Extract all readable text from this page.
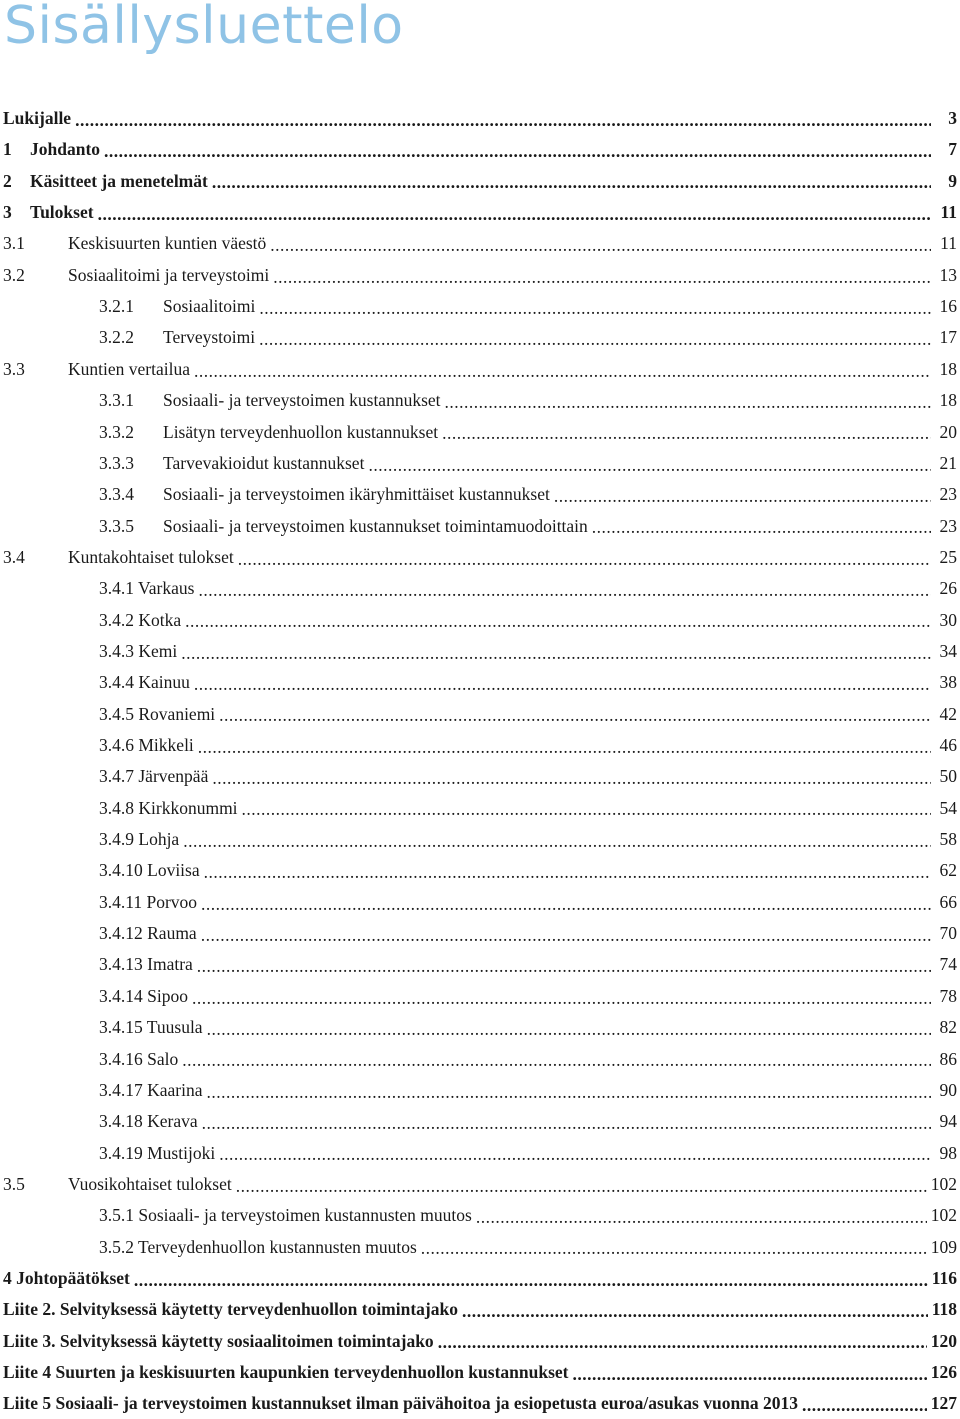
Sisällysluettelo
Lukijalle .....	3
1	Johdanto .....	7
2	Käsitteet ja menetelmät .....	9
3	Tulokset .....	11
3.1	Keskisuurten kuntien väestö .....	11
3.2	Sosiaalitoimi ja terveystoimi .....	13
3.2.1	Sosiaalitoimi .....	16
3.2.2	Terveystoimi .....	17
3.3	Kuntien vertailua .....	18
3.3.1	Sosiaali- ja terveystoimen kustannukset .....	18
3.3.2	Lisätyn terveydenhuollon kustannukset .....	20
3.3.3	Tarvevakioidut kustannukset .....	21
3.3.4	Sosiaali- ja terveystoimen ikäryhmittäiset kustannukset .....	23
3.3.5	Sosiaali- ja terveystoimen kustannukset toimintamuodoittain .....	23
3.4	Kuntakohtaiset tulokset .....	25
3.4.1 Varkaus .....	26
3.4.2 Kotka .....	30
3.4.3 Kemi .....	34
3.4.4 Kainuu .....	38
3.4.5 Rovaniemi .....	42
3.4.6 Mikkeli .....	46
3.4.7 Järvenpää .....	50
3.4.8 Kirkkonummi .....	54
3.4.9 Lohja .....	58
3.4.10 Loviisa .....	62
3.4.11 Porvoo .....	66
3.4.12 Rauma .....	70
3.4.13 Imatra .....	74
3.4.14 Sipoo .....	78
3.4.15 Tuusula .....	82
3.4.16 Salo .....	86
3.4.17 Kaarina .....	90
3.4.18 Kerava .....	94
3.4.19 Mustijoki .....	98
3.5	Vuosikohtaiset tulokset .....	102
3.5.1 Sosiaali- ja terveystoimen kustannusten muutos .....	102
3.5.2 Terveydenhuollon kustannusten muutos .....	109
4 Johtopäätökset .....	116
Liite 2. Selvityksessä käytetty terveydenhuollon toimintajako .....	118
Liite 3. Selvityksessä käytetty sosiaalitoimen toimintajako .....	120
Liite 4 Suurten ja keskisuurten kaupunkien terveydenhuollon kustannukset .....	126
Liite 5 Sosiaali- ja terveystoimen kustannukset ilman päivähoitoa ja esiopetusta euroa/asukas vuonna 2013 .....	127
